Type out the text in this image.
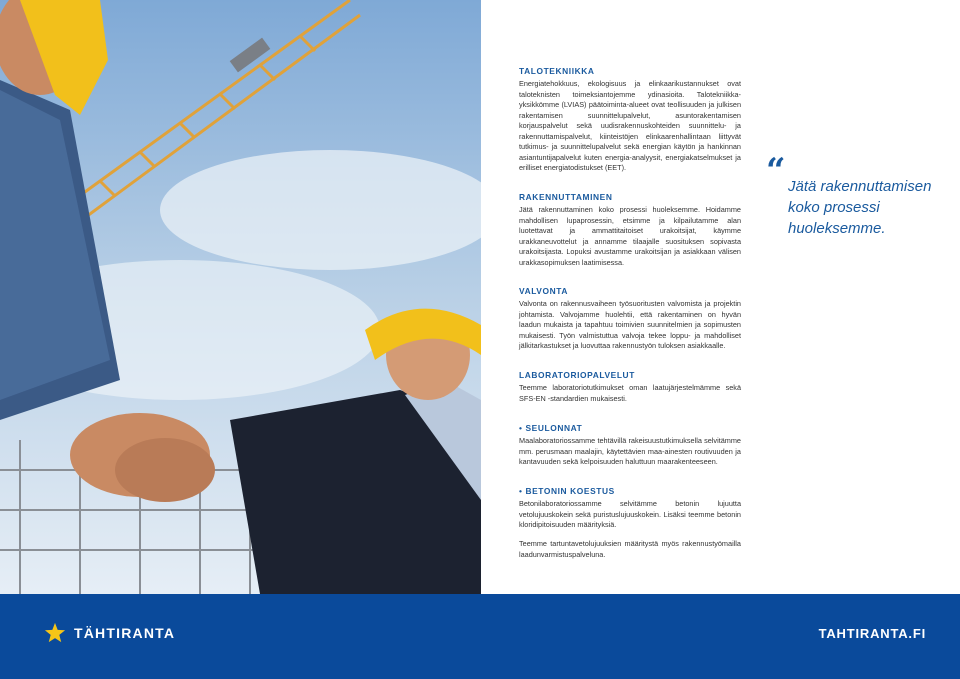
TALOTEKNIIKKA

Energiatehokkuus, ekologisuus ja elinkaarikustannukset ovat taloteknisten toimeksiantojemme ydinasioita. Talotekniikka-yksikkömme (LVIAS) päätoiminta-alueet ovat teollisuuden ja julkisen rakentamisen suunnittelupalvelut, asuntorakentamisen korjauspalvelut sekä uudisrakennuskohteiden suunnittelu- ja rakennuttamispalvelut, kiinteistöjen elinkaarenhallintaan liittyvät tutkimus- ja suunnittelupalvelut sekä energian käytön ja hankinnan asiantuntijapalvelut kuten energia-analyysit, energiakatselmukset ja erilliset energiatodistukset (EET).

RAKENNUTTAMINEN

Jätä rakennuttaminen koko prosessi huoleksemme. Hoidamme mahdollisen lupaprosessin, etsimme ja kilpailutamme alan luotettavat ja ammattitaitoiset urakoitsijat, käymme urakkaneuvottelut ja annamme tilaajalle suosituksen sopivasta urakoitsijasta. Lopuksi avustamme urakoitsijan ja asiakkaan välisen urakkasopimuksen laatimisessa.

VALVONTA

Valvonta on rakennusvaiheen työsuoritusten valvomista ja projektin johtamista. Valvojamme huolehtii, että rakentaminen on hyvän laadun mukaista ja tapahtuu toimivien suunnitelmien ja sopimusten mukaisesti. Työn valmistuttua valvoja tekee loppu- ja mahdolliset jälkitarkastukset ja luovuttaa rakennustyön tuloksen asiakkaalle.

LABORATORIOPALVELUT

Teemme laboratoriotutkimukset oman laatujärjestelmämme sekä SFS-EN -standardien mukaisesti.

• SEULONNAT

Maalaboratoriossamme tehtävillä rakeisuustutkimuksella selvitämme mm. perusmaan maalajin, käytettävien maa-ainesten routivuuden ja kantavuuden sekä kelpoisuuden haluttuun maarakenteeseen.

• BETONIN KOESTUS

Betonilaboratoriossamme selvitämme betonin lujuutta vetolujuuskokein sekä puristuslujuuskokein. Lisäksi teemme betonin kloridipitoisuuden määrityksiä.

Teemme tartuntavetolujuuksien määritystä myös rakennustyömailla laadunvarmistuspalveluna.

“ Jätä rakennuttamisen koko prosessi huoleksemme.
TÄHTIRANTA	TAHTIRANTA.FI
